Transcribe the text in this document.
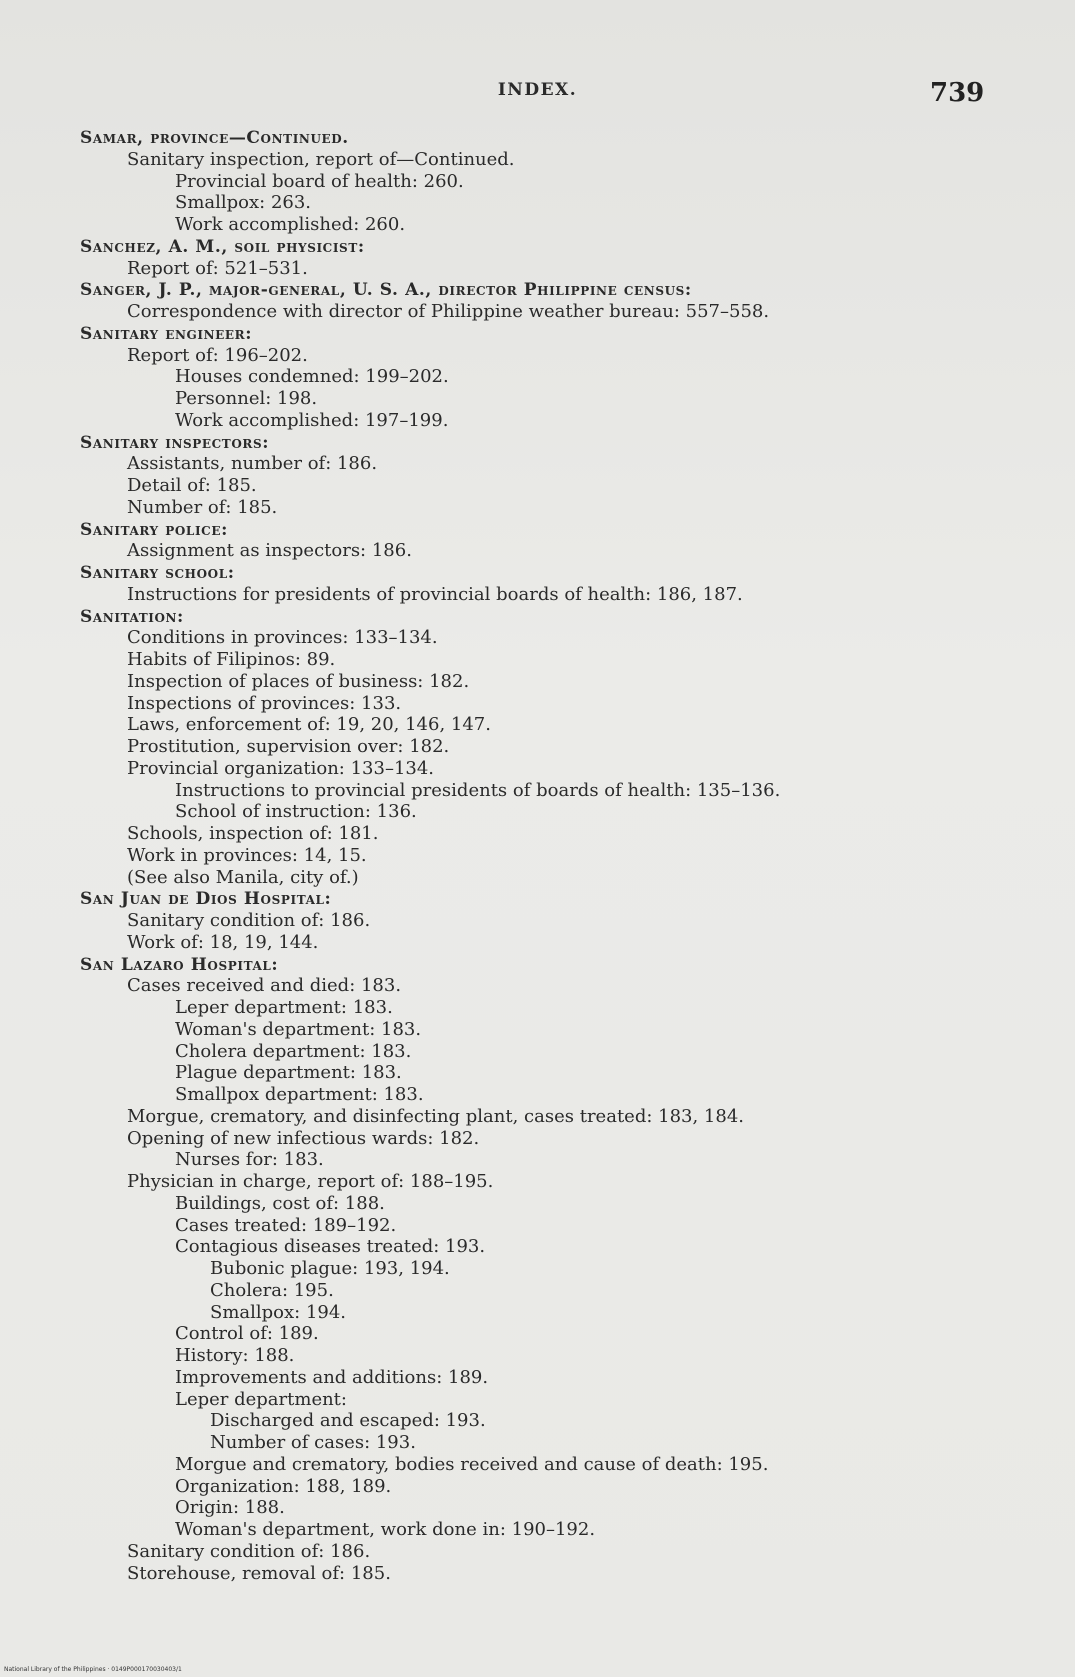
INDEX.	739
Samar, province—Continued.
Sanitary inspection, report of—Continued.
Provincial board of health: 260.
Smallpox: 263.
Work accomplished: 260.
Sanchez, A. M., soil physicist:
Report of: 521–531.
Sanger, J. P., major-general, U. S. A., director Philippine census:
Correspondence with director of Philippine weather bureau: 557–558.
Sanitary engineer:
Report of: 196–202.
Houses condemned: 199–202.
Personnel: 198.
Work accomplished: 197–199.
Sanitary inspectors:
Assistants, number of: 186.
Detail of: 185.
Number of: 185.
Sanitary police:
Assignment as inspectors: 186.
Sanitary school:
Instructions for presidents of provincial boards of health: 186, 187.
Sanitation:
Conditions in provinces: 133–134.
Habits of Filipinos: 89.
Inspection of places of business: 182.
Inspections of provinces: 133.
Laws, enforcement of: 19, 20, 146, 147.
Prostitution, supervision over: 182.
Provincial organization: 133–134.
Instructions to provincial presidents of boards of health: 135–136.
School of instruction: 136.
Schools, inspection of: 181.
Work in provinces: 14, 15.
(See also Manila, city of.)
San Juan de Dios Hospital:
Sanitary condition of: 186.
Work of: 18, 19, 144.
San Lazaro Hospital:
Cases received and died: 183.
Leper department: 183.
Woman's department: 183.
Cholera department: 183.
Plague department: 183.
Smallpox department: 183.
Morgue, crematory, and disinfecting plant, cases treated: 183, 184.
Opening of new infectious wards: 182.
Nurses for: 183.
Physician in charge, report of: 188–195.
Buildings, cost of: 188.
Cases treated: 189–192.
Contagious diseases treated: 193.
Bubonic plague: 193, 194.
Cholera: 195.
Smallpox: 194.
Control of: 189.
History: 188.
Improvements and additions: 189.
Leper department:
Discharged and escaped: 193.
Number of cases: 193.
Morgue and crematory, bodies received and cause of death: 195.
Organization: 188, 189.
Origin: 188.
Woman's department, work done in: 190–192.
Sanitary condition of: 186.
Storehouse, removal of: 185.
National Library of the Philippines · 0149P000170030403/1
